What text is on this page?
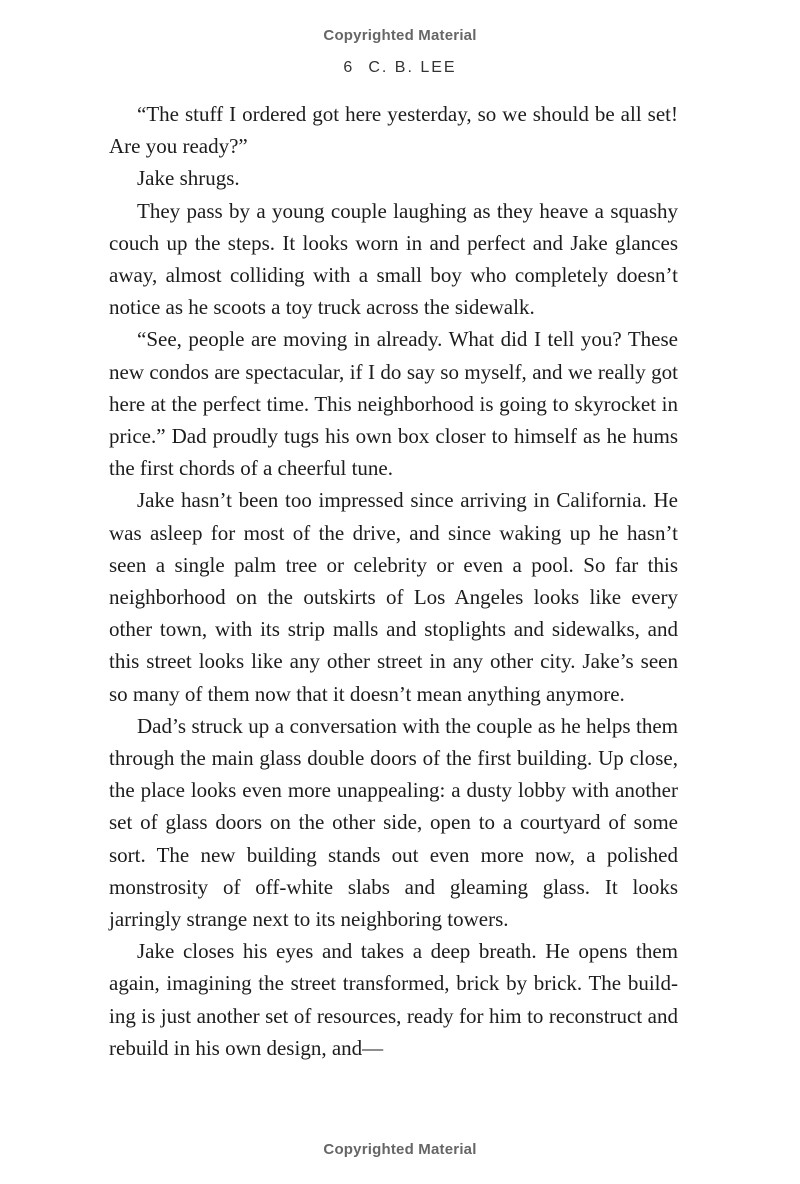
Copyrighted Material
6 C. B. LEE

“The stuff I ordered got here yesterday, so we should be all set! Are you ready?”

Jake shrugs.

They pass by a young couple laughing as they heave a squashy couch up the steps. It looks worn in and perfect and Jake glances away, almost colliding with a small boy who completely doesn’t notice as he scoots a toy truck across the sidewalk.

“See, people are moving in already. What did I tell you? These new condos are spectacular, if I do say so myself, and we really got here at the perfect time. This neighborhood is going to skyrocket in price.” Dad proudly tugs his own box closer to himself as he hums the first chords of a cheerful tune.

Jake hasn’t been too impressed since arriving in California. He was asleep for most of the drive, and since waking up he hasn’t seen a single palm tree or celebrity or even a pool. So far this neighborhood on the outskirts of Los Angeles looks like every other town, with its strip malls and stoplights and sidewalks, and this street looks like any other street in any other city. Jake’s seen so many of them now that it doesn’t mean anything anymore.

Dad’s struck up a conversation with the couple as he helps them through the main glass double doors of the first building. Up close, the place looks even more unappealing: a dusty lobby with another set of glass doors on the other side, open to a courtyard of some sort. The new building stands out even more now, a polished monstrosity of off-white slabs and gleaming glass. It looks jarringly strange next to its neighboring towers.

Jake closes his eyes and takes a deep breath. He opens them again, imagining the street transformed, brick by brick. The building is just another set of resources, ready for him to reconstruct and rebuild in his own design, and—

Copyrighted Material
